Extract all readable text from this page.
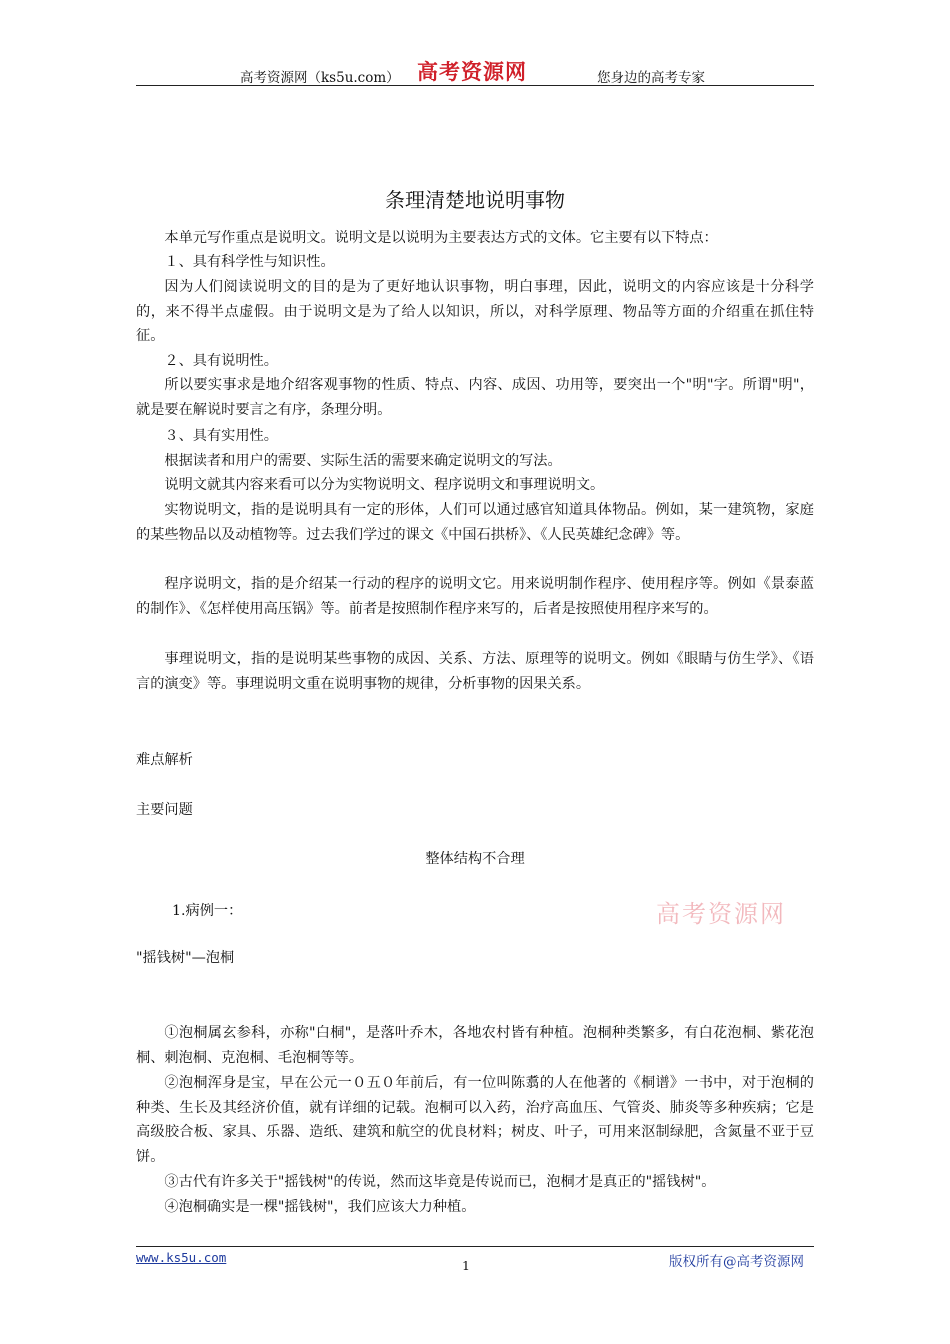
高考资源网（ks5u.com） 高考资源网	您身边的高考专家
条理清楚地说明事物
本单元写作重点是说明文。说明文是以说明为主要表达方式的文体。它主要有以下特点：
１、具有科学性与知识性。
因为人们阅读说明文的目的是为了更好地认识事物，明白事理，因此，说明文的内容应该是十分科学的，来不得半点虚假。由于说明文是为了给人以知识，所以，对科学原理、物品等方面的介绍重在抓住特征。
２、具有说明性。
所以要实事求是地介绍客观事物的性质、特点、内容、成因、功用等，要突出一个"明"字。所谓"明"，就是要在解说时要言之有序，条理分明。
３、具有实用性。
根据读者和用户的需要、实际生活的需要来确定说明文的写法。
说明文就其内容来看可以分为实物说明文、程序说明文和事理说明文。
实物说明文，指的是说明具有一定的形体，人们可以通过感官知道具体物品。例如，某一建筑物，家庭的某些物品以及动植物等。过去我们学过的课文《中国石拱桥》、《人民英雄纪念碑》等。
程序说明文，指的是介绍某一行动的程序的说明文它。用来说明制作程序、使用程序等。例如《景泰蓝的制作》、《怎样使用高压锅》等。前者是按照制作程序来写的，后者是按照使用程序来写的。
事理说明文，指的是说明某些事物的成因、关系、方法、原理等的说明文。例如《眼睛与仿生学》、《语言的演变》等。事理说明文重在说明事物的规律，分析事物的因果关系。
难点解析
主要问题
整体结构不合理
1.病例一：
"摇钱树"—泡桐
高考资源网
①泡桐属玄参科，亦称"白桐"，是落叶乔木，各地农村皆有种植。泡桐种类繁多，有白花泡桐、紫花泡桐、刺泡桐、克泡桐、毛泡桐等等。
②泡桐浑身是宝，早在公元一０五０年前后，有一位叫陈翥的人在他著的《桐谱》一书中，对于泡桐的种类、生长及其经济价值，就有详细的记载。泡桐可以入药，治疗高血压、气管炎、肺炎等多种疾病；它是高级胶合板、家具、乐器、造纸、建筑和航空的优良材料；树皮、叶子，可用来沤制绿肥，含氮量不亚于豆饼。
③古代有许多关于"摇钱树"的传说，然而这毕竟是传说而已，泡桐才是真正的"摇钱树"。
④泡桐确实是一棵"摇钱树"，我们应该大力种植。
www.ks5u.com
1	版权所有@高考资源网
